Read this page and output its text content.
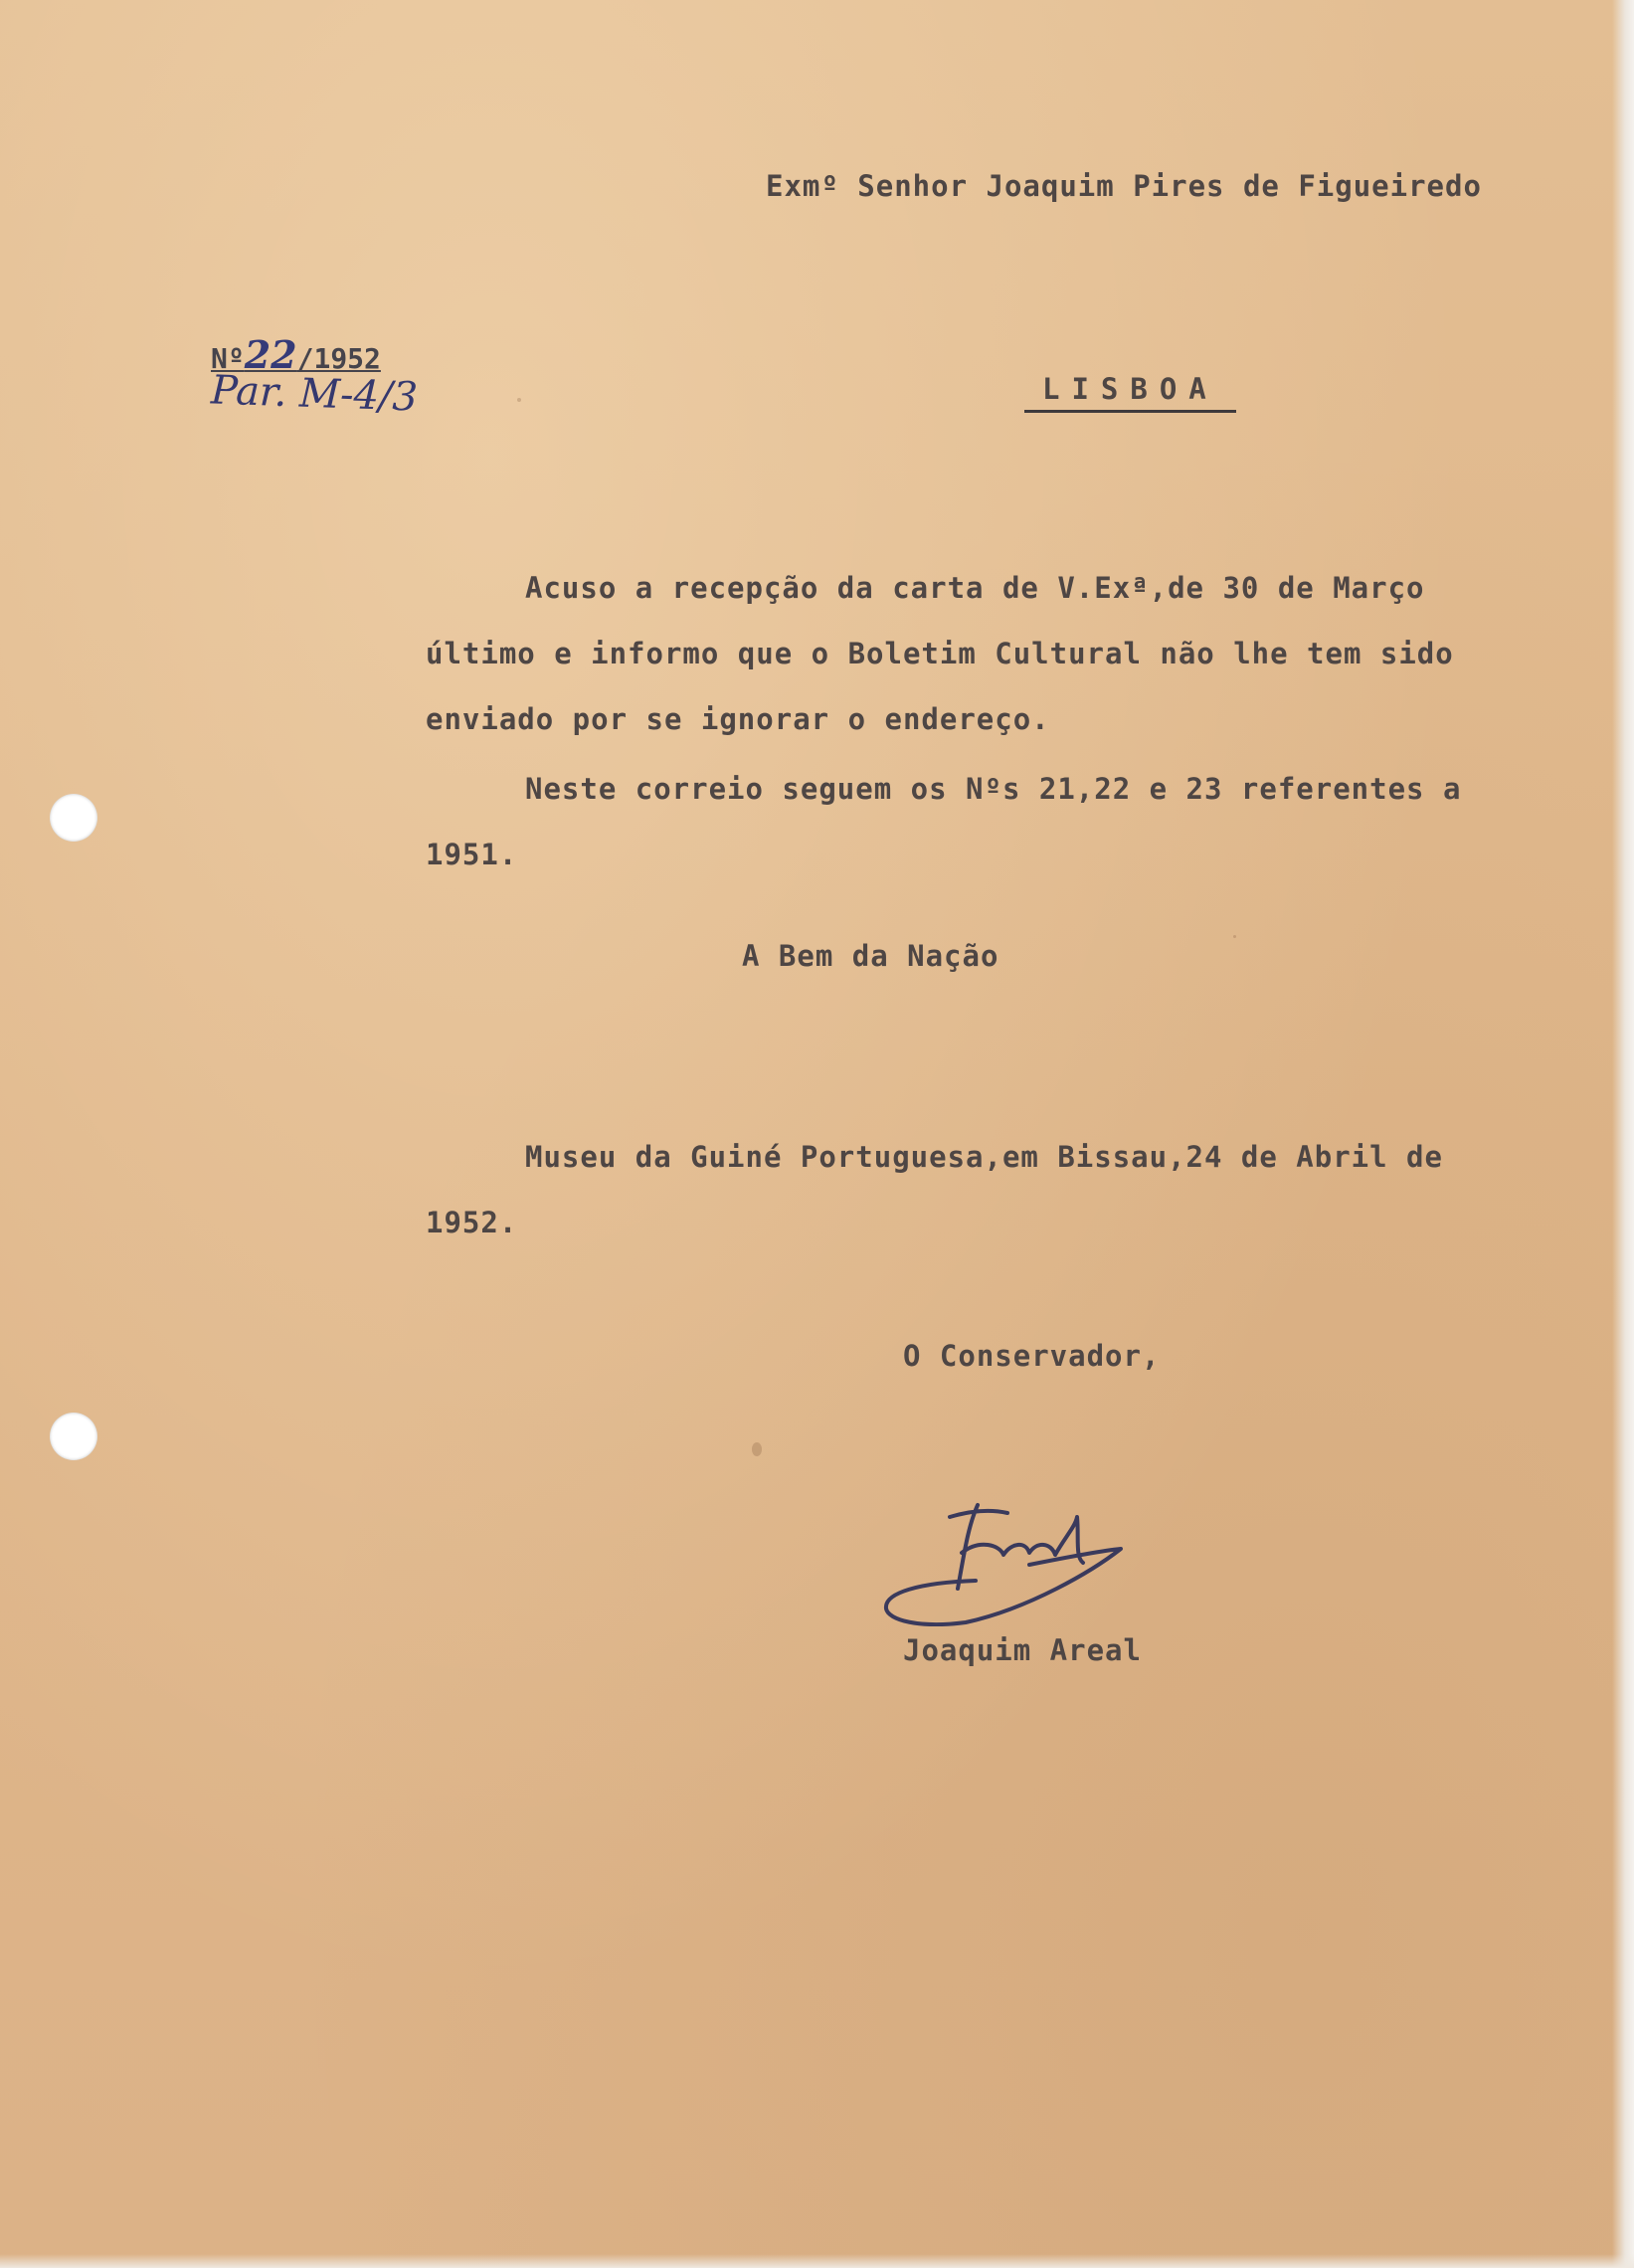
Exmº Senhor Joaquim Pires de Figueiredo

Nº22/1952
Par. M-4/3	LISBOA

Acuso a recepção da carta de V.Exª,de 30 de Março

último e informo que o Boletim Cultural não lhe tem sido

enviado por se ignorar o endereço.

Neste correio seguem os Nºs 21,22 e 23 referentes a

1951.

A Bem da Nação

Museu da Guiné Portuguesa,em Bissau,24 de Abril de

1952.

O Conservador,

Joaquim Areal
